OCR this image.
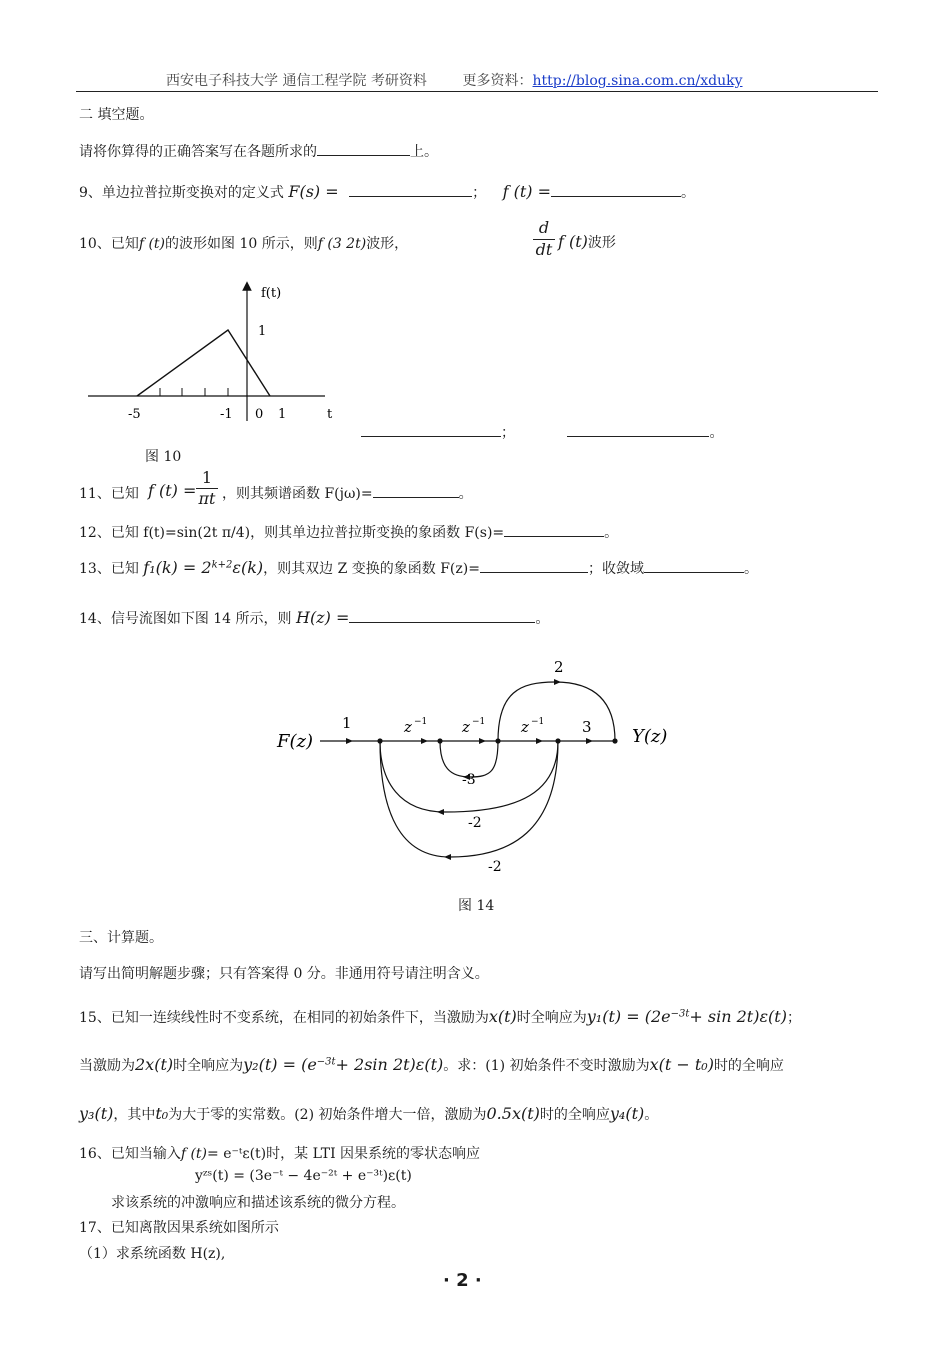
西安电子科技大学 通信工程学院 考研资料	更多资料：http://blog.sina.com.cn/xduky
二 填空题。
请将你算得的正确答案写在各题所求的	上。
9、单边拉普拉斯变换对的定义式 F(s) =	； f (t) =	。
10、已知f (t)的波形如图 10 所示，则f (3 2t)波形，	$\frac{d}{dt}$ f (t)波形
f(t)
1
-5	-1 0 1	t
；	。
图 10
11、已知 f $(t) = \frac{1}{\pi t}$ ，则其频谱函数 F(jω)=	。
12、已知 f(t)=sin(2t π/4)，则其单边拉普拉斯变换的象函数 F(s)=	。
13、已知 $f_1(k) = 2^{k+2}\varepsilon(k)$，则其双边 Z 变换的象函数 F(z)=	；收敛域	。
14、信号流图如下图 14 所示，则 H(z) =	。
F(z)	Y(z)
1	3
2
z −1 z −1 z −1
-3
-2
-2
图 14
三、计算题。
请写出简明解题步骤；只有答案得 0 分。非通用符号请注明含义。
15、已知一连续线性时不变系统，在相同的初始条件下，当激励为x(t)时全响应为$y_1(t) = (2e^{-3t}+ \sin 2t)\varepsilon(t)$；
当激励为2x(t)时全响应为$y_2(t) = (e^{-3t}+ 2\sin$ 2t)ε(t)。求：(1) 初始条件不变时激励为x(t − t₀)时的全响应
y₃(t)，其中t₀为大于零的实常数。(2) 初始条件增大一倍，激励为0.5x(t)时的全响应y₄(t)。
16、已知当输入f (t)= e⁻ᵗε(t)时，某 LTI 因果系统的零状态响应
yᶻˢ(t) = (3e⁻ᵗ − 4e⁻²ᵗ + e⁻³ᵗ)ε(t)
求该系统的冲激响应和描述该系统的微分方程。
17、已知离散因果系统如图所示
（1）求系统函数 H(z),
· 2 ·
